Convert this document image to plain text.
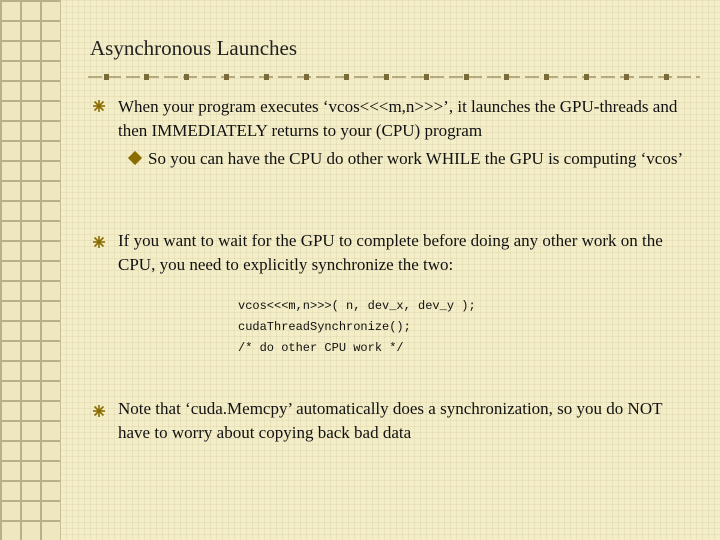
Asynchronous Launches
When your program executes ‘vcos<<<m,n>>>’, it launches the GPU-threads and then IMMEDIATELY returns to your (CPU) program
So you can have the CPU do other work WHILE the GPU is computing ‘vcos’
If you want to wait for the GPU to complete before doing any other work on the CPU, you need to explicitly synchronize the two:
vcos<<<m,n>>>( n, dev_x, dev_y );
cudaThreadSynchronize();
/* do other CPU work */
Note that ‘cuda.Memcpy’ automatically does a synchronization, so you do NOT have to worry about copying back bad data
